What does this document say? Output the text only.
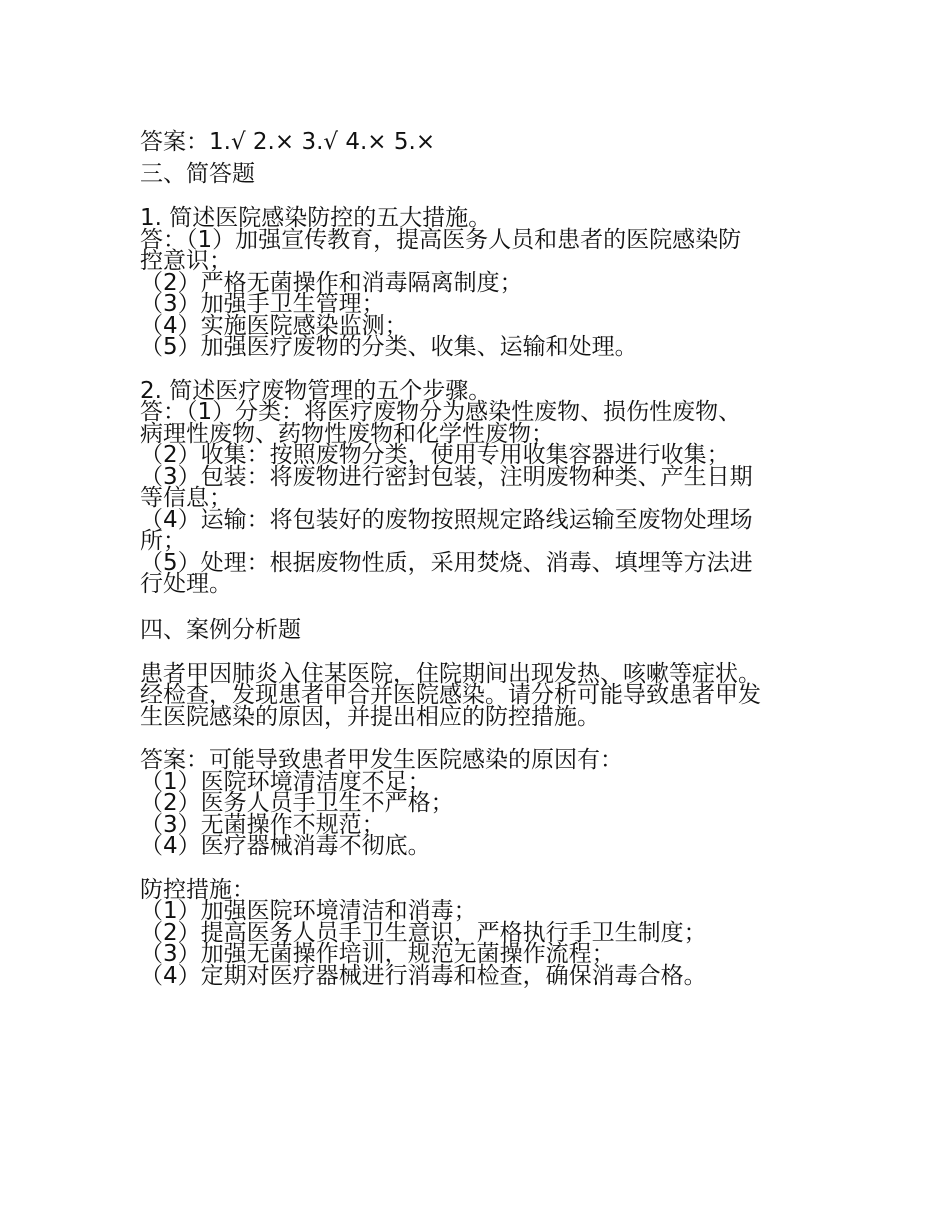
答案：1.√ 2.× 3.√ 4.× 5.×
三、简答题
1. 简述医院感染防控的五大措施。
答：（1）加强宣传教育，提高医务人员和患者的医院感染防
控意识；
（2）严格无菌操作和消毒隔离制度；
（3）加强手卫生管理；
（4）实施医院感染监测；
（5）加强医疗废物的分类、收集、运输和处理。
2. 简述医疗废物管理的五个步骤。
答：（1）分类：将医疗废物分为感染性废物、损伤性废物、
病理性废物、药物性废物和化学性废物；
（2）收集：按照废物分类，使用专用收集容器进行收集；
（3）包装：将废物进行密封包装，注明废物种类、产生日期
等信息；
（4）运输：将包装好的废物按照规定路线运输至废物处理场
所；
（5）处理：根据废物性质，采用焚烧、消毒、填埋等方法进
行处理。
四、案例分析题
患者甲因肺炎入住某医院，住院期间出现发热、咳嗽等症状。
经检查，发现患者甲合并医院感染。请分析可能导致患者甲发
生医院感染的原因，并提出相应的防控措施。
答案：可能导致患者甲发生医院感染的原因有：
（1）医院环境清洁度不足；
（2）医务人员手卫生不严格；
（3）无菌操作不规范；
（4）医疗器械消毒不彻底。
防控措施：
（1）加强医院环境清洁和消毒；
（2）提高医务人员手卫生意识，严格执行手卫生制度；
（3）加强无菌操作培训，规范无菌操作流程；
（4）定期对医疗器械进行消毒和检查，确保消毒合格。
